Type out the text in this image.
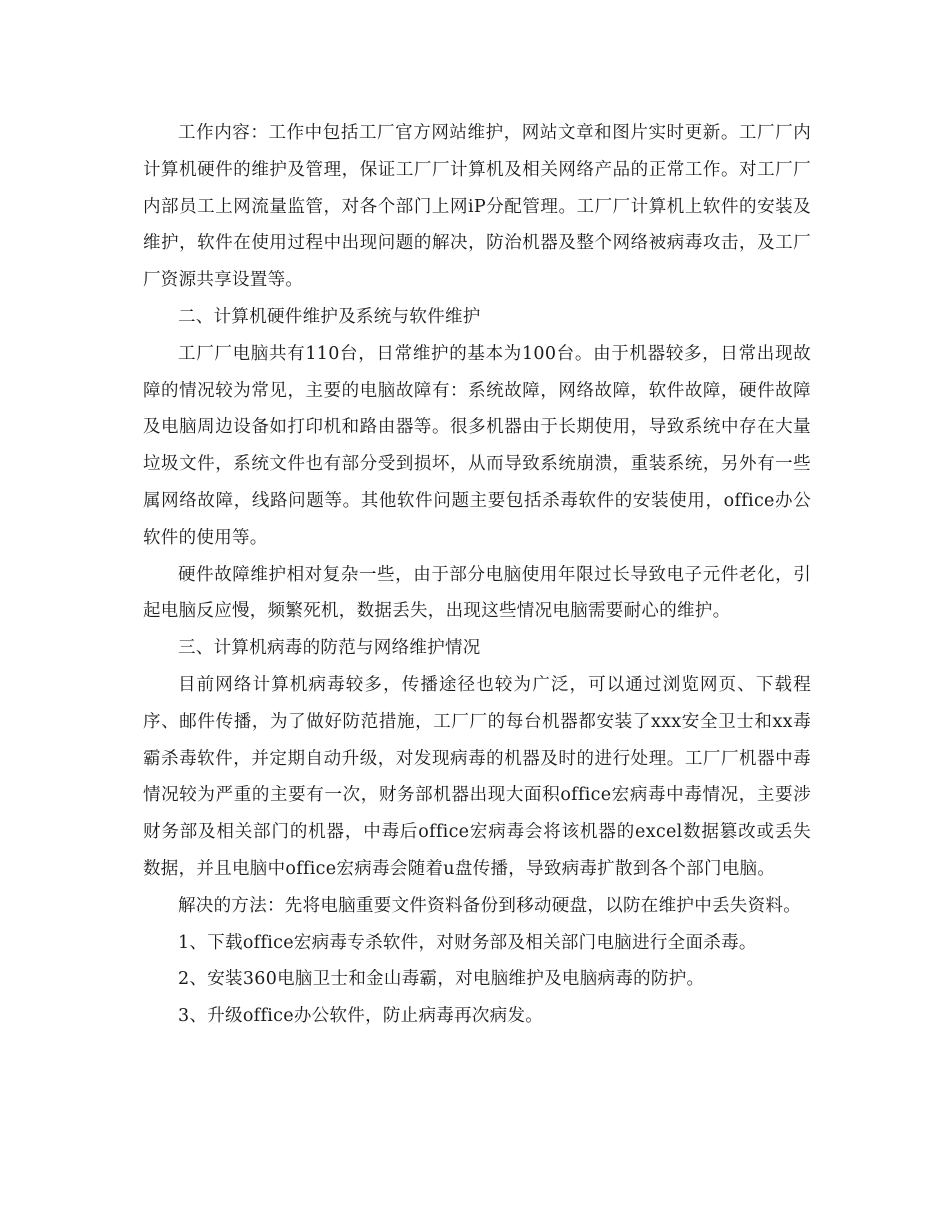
工作内容：工作中包括工厂官方网站维护，网站文章和图片实时更新。工厂厂内计算机硬件的维护及管理，保证工厂厂计算机及相关网络产品的正常工作。对工厂厂内部员工上网流量监管，对各个部门上网iP分配管理。工厂厂计算机上软件的安装及维护，软件在使用过程中出现问题的解决，防治机器及整个网络被病毒攻击，及工厂厂资源共享设置等。

二、计算机硬件维护及系统与软件维护

工厂厂电脑共有110台，日常维护的基本为100台。由于机器较多，日常出现故障的情况较为常见，主要的电脑故障有：系统故障，网络故障，软件故障，硬件故障及电脑周边设备如打印机和路由器等。很多机器由于长期使用，导致系统中存在大量垃圾文件，系统文件也有部分受到损坏，从而导致系统崩溃，重装系统，另外有一些属网络故障，线路问题等。其他软件问题主要包括杀毒软件的安装使用，office办公软件的使用等。

硬件故障维护相对复杂一些，由于部分电脑使用年限过长导致电子元件老化，引起电脑反应慢，频繁死机，数据丢失，出现这些情况电脑需要耐心的维护。

三、计算机病毒的防范与网络维护情况

目前网络计算机病毒较多，传播途径也较为广泛，可以通过浏览网页、下载程序、邮件传播，为了做好防范措施，工厂厂的每台机器都安装了xxx安全卫士和xx毒霸杀毒软件，并定期自动升级，对发现病毒的机器及时的进行处理。工厂厂机器中毒情况较为严重的主要有一次，财务部机器出现大面积office宏病毒中毒情况，主要涉财务部及相关部门的机器，中毒后office宏病毒会将该机器的excel数据篡改或丢失数据，并且电脑中office宏病毒会随着u盘传播，导致病毒扩散到各个部门电脑。

解决的方法：先将电脑重要文件资料备份到移动硬盘，以防在维护中丢失资料。

1、下载office宏病毒专杀软件，对财务部及相关部门电脑进行全面杀毒。

2、安装360电脑卫士和金山毒霸，对电脑维护及电脑病毒的防护。

3、升级office办公软件，防止病毒再次病发。
